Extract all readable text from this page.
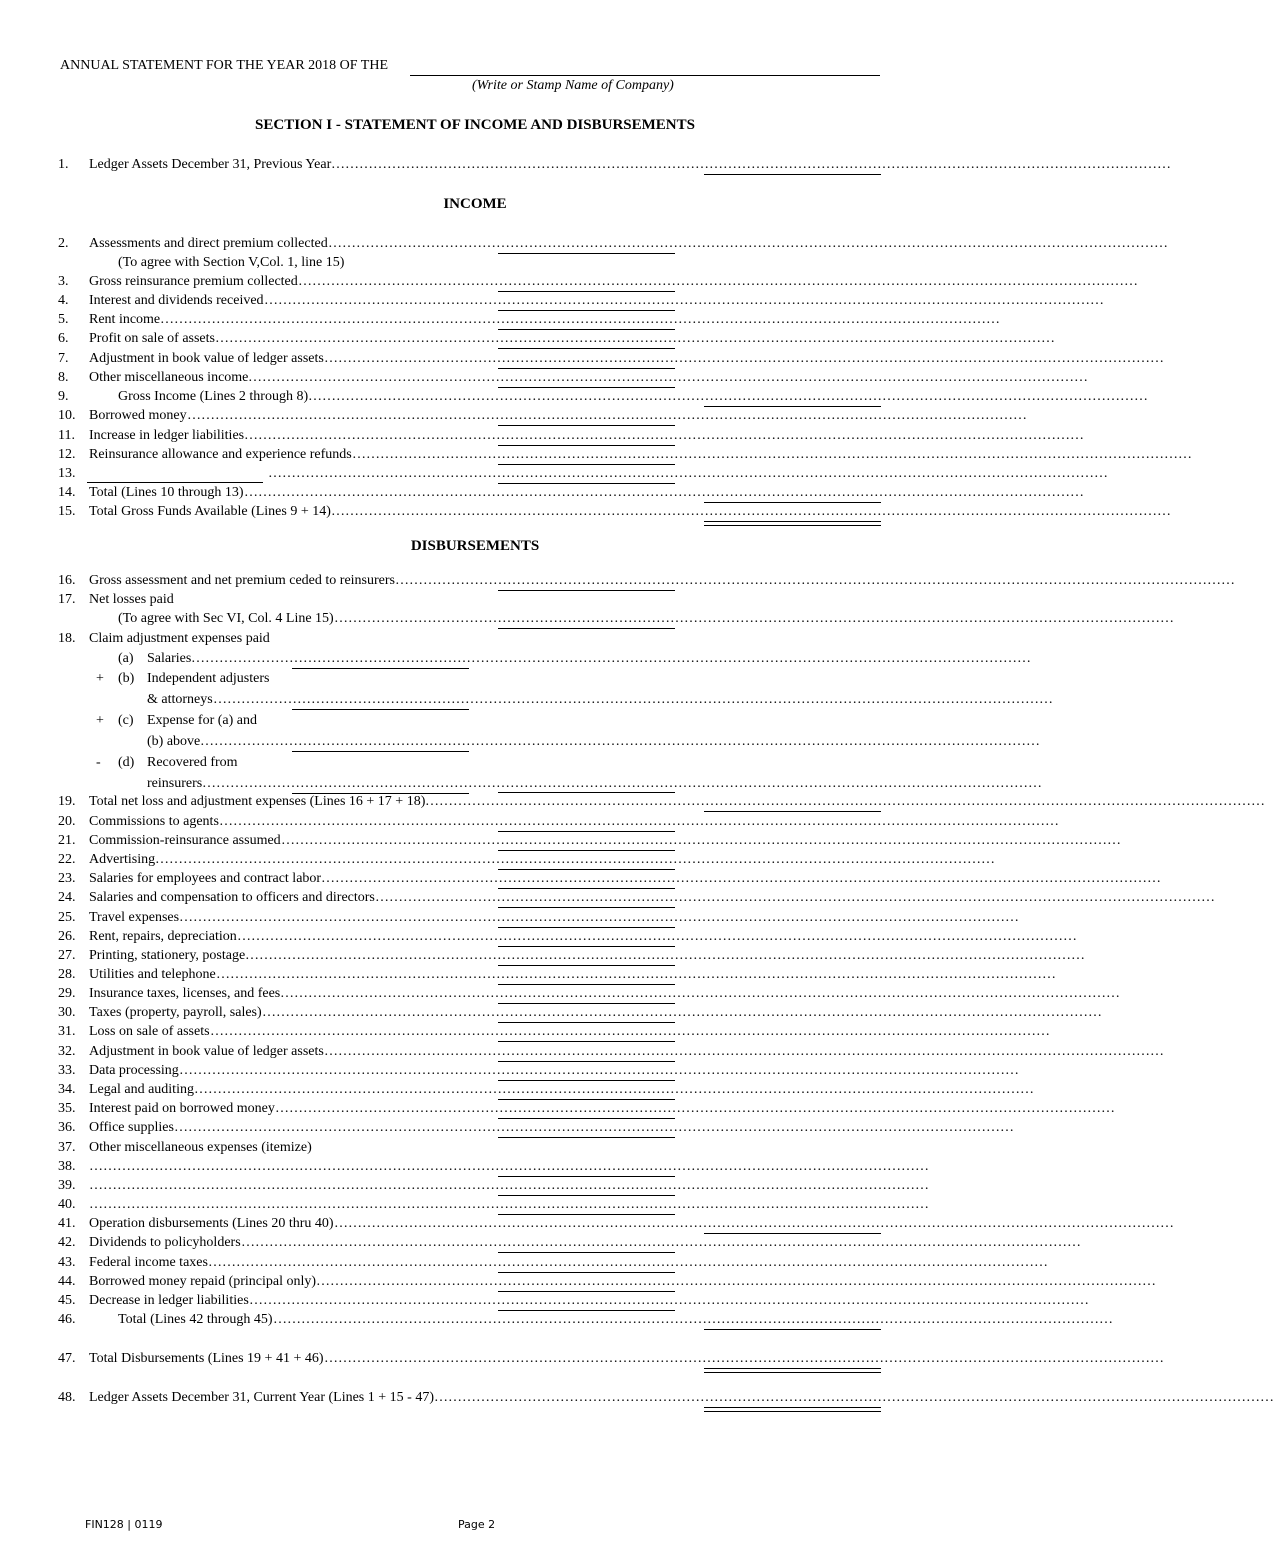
ANNUAL STATEMENT FOR THE YEAR 2018 OF THE
(Write or Stamp Name of Company)
SECTION I - STATEMENT OF INCOME AND DISBURSEMENTS
1.	Ledger Assets December 31, Previous Year ………………………………………………………………………………………………………………………………………………………………
2.	Assessments and direct premium collected ………………………………………………………………………………………………………………………………………………………………
(To agree with Section V,Col. 1, line 15)
3.	Gross reinsurance premium collected ………………………………………………………………………………………………………………………………………………………………
4.	Interest and dividends received ………………………………………………………………………………………………………………………………………………………………
5.	Rent income ………………………………………………………………………………………………………………………………………………………………
6.	Profit on sale of assets ………………………………………………………………………………………………………………………………………………………………
7.	Adjustment in book value of ledger assets ………………………………………………………………………………………………………………………………………………………………
8.	Other miscellaneous income ………………………………………………………………………………………………………………………………………………………………
9.	Gross Income (Lines 2 through 8) ………………………………………………………………………………………………………………………………………………………………
10. Borrowed money ………………………………………………………………………………………………………………………………………………………………
11.	Increase in ledger liabilities ………………………………………………………………………………………………………………………………………………………………
12. Reinsurance allowance and experience refunds ………………………………………………………………………………………………………………………………………………………………
13.	………………………………………………………………………………………………………………………………………………………………
14. Total (Lines 10 through 13) ………………………………………………………………………………………………………………………………………………………………
15. Total Gross Funds Available (Lines 9 + 14) ………………………………………………………………………………………………………………………………………………………………
16. Gross assessment and net premium ceded to reinsurers ………………………………………………………………………………………………………………………………………………………………
17. Net losses paid
(To agree with Sec VI, Col. 4 Line 15) ………………………………………………………………………………………………………………………………………………………………
18. Claim adjustment expenses paid
(a) Salaries ………………………………………………………………………………………………………………………………………………………………
+ (b) Independent adjusters
& attorneys ………………………………………………………………………………………………………………………………………………………………
+ (c) Expense for (a) and
(b) above ………………………………………………………………………………………………………………………………………………………………
- (d) Recovered from
reinsurers ………………………………………………………………………………………………………………………………………………………………
19. Total net loss and adjustment expenses (Lines 16 + 17 + 18) ………………………………………………………………………………………………………………………………………………………………
20. Commissions to agents ………………………………………………………………………………………………………………………………………………………………
21. Commission-reinsurance assumed ………………………………………………………………………………………………………………………………………………………………
22. Advertising ………………………………………………………………………………………………………………………………………………………………
23. Salaries for employees and contract labor ………………………………………………………………………………………………………………………………………………………………
24. Salaries and compensation to officers and directors ………………………………………………………………………………………………………………………………………………………………
25. Travel expenses ………………………………………………………………………………………………………………………………………………………………
26. Rent, repairs, depreciation ………………………………………………………………………………………………………………………………………………………………
27. Printing, stationery, postage ………………………………………………………………………………………………………………………………………………………………
28. Utilities and telephone ………………………………………………………………………………………………………………………………………………………………
29. Insurance taxes, licenses, and fees ………………………………………………………………………………………………………………………………………………………………
30. Taxes (property, payroll, sales) ………………………………………………………………………………………………………………………………………………………………
31. Loss on sale of assets ………………………………………………………………………………………………………………………………………………………………
32. Adjustment in book value of ledger assets ………………………………………………………………………………………………………………………………………………………………
33. Data processing ………………………………………………………………………………………………………………………………………………………………
34. Legal and auditing ………………………………………………………………………………………………………………………………………………………………
35. Interest paid on borrowed money ………………………………………………………………………………………………………………………………………………………………
36. Office supplies ………………………………………………………………………………………………………………………………………………………………
37. Other miscellaneous expenses (itemize)
38. ………………………………………………………………………………………………………………………………………………………………
39. ………………………………………………………………………………………………………………………………………………………………
40. ………………………………………………………………………………………………………………………………………………………………
41. Operation disbursements (Lines 20 thru 40) ………………………………………………………………………………………………………………………………………………………………
42. Dividends to policyholders ………………………………………………………………………………………………………………………………………………………………
43. Federal income taxes ………………………………………………………………………………………………………………………………………………………………
44. Borrowed money repaid (principal only) ………………………………………………………………………………………………………………………………………………………………
45. Decrease in ledger liabilities ………………………………………………………………………………………………………………………………………………………………
46.	Total (Lines 42 through 45) ………………………………………………………………………………………………………………………………………………………………
47. Total Disbursements (Lines 19 + 41 + 46) ………………………………………………………………………………………………………………………………………………………………
48. Ledger Assets December 31, Current Year (Lines 1 + 15 - 47) ………………………………………………………………………………………………………………………………………………………………
INCOME
DISBURSEMENTS
FIN128 | 0119	Page 2
